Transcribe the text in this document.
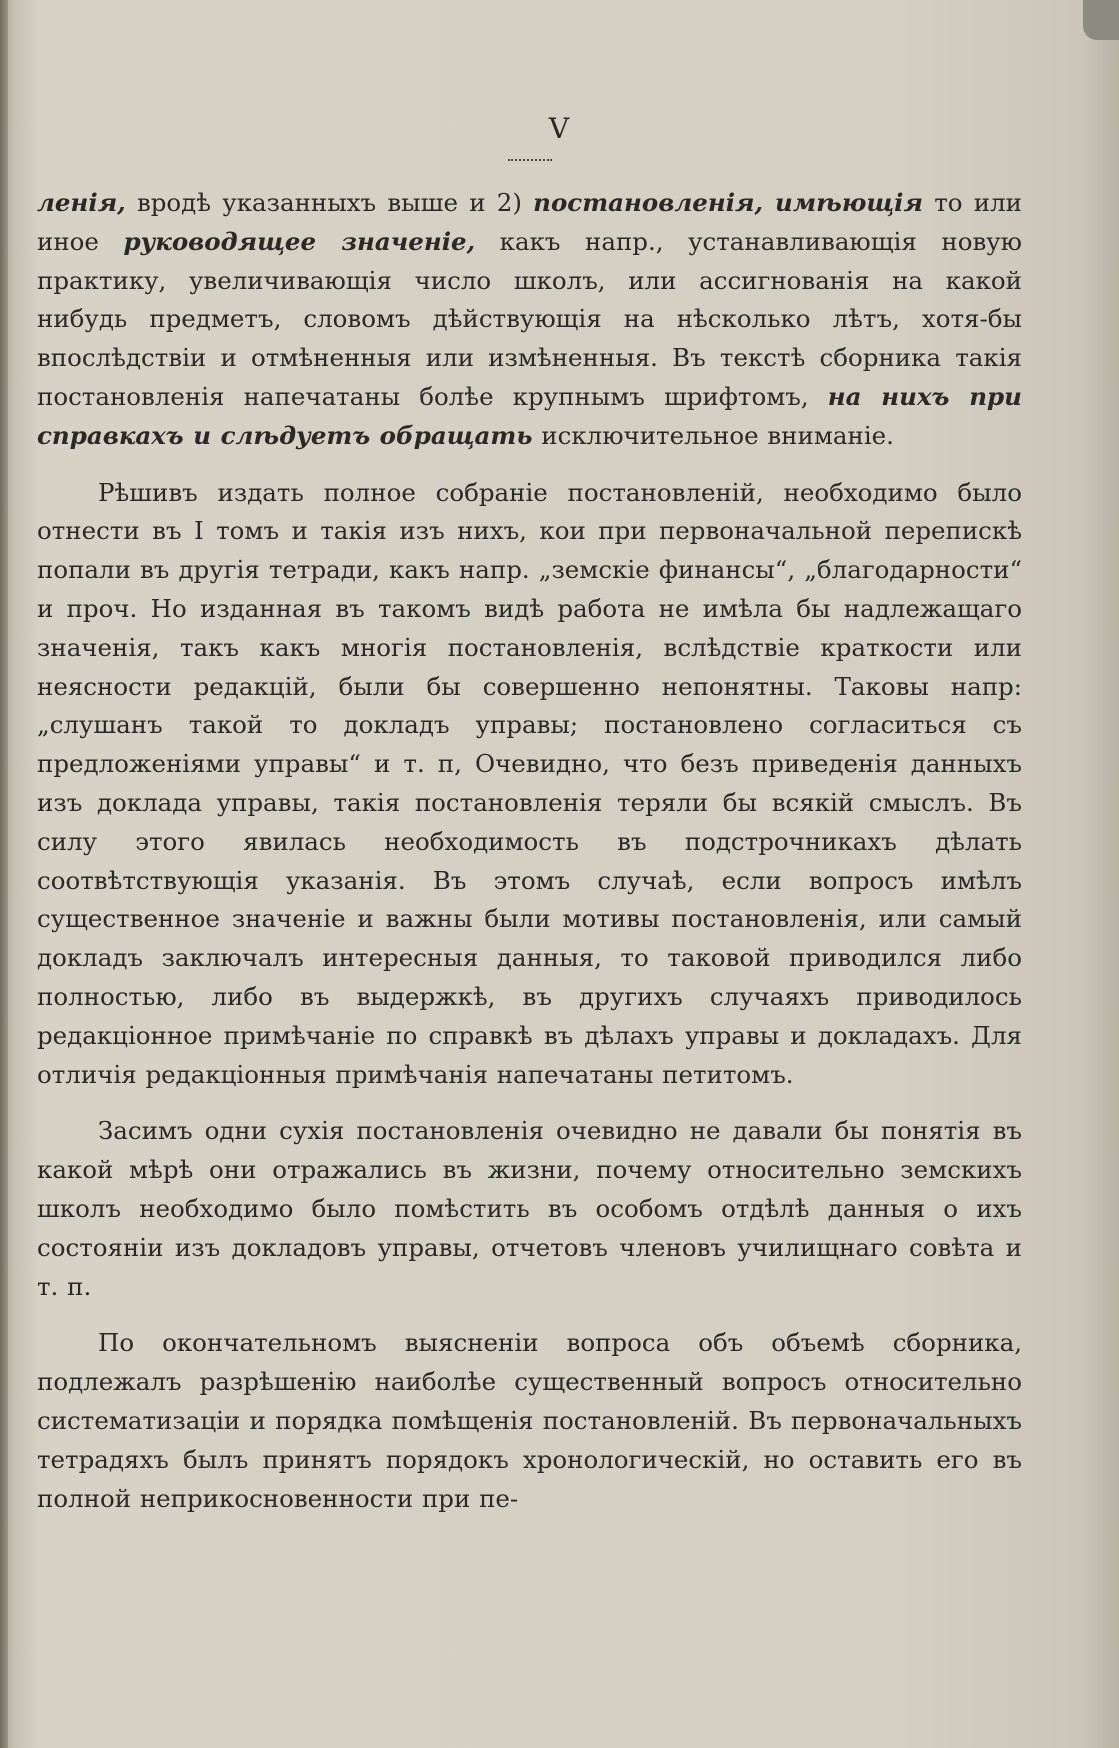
V

ленія, вродѣ указанныхъ выше и 2) постановленія, имѣющія то или иное руководящее значеніе, какъ напр., устанавливающія новую практику, увеличивающія число школъ, или ассигнованія на какой нибудь предметъ, словомъ дѣйствующія на нѣсколько лѣтъ, хотя-бы впослѣдствіи и отмѣненныя или измѣненныя. Въ текстѣ сборника такія постановленія напечатаны болѣе крупнымъ шрифтомъ, на нихъ при справкахъ и слѣдуетъ обращать исключительное вниманіе.

Рѣшивъ издать полное собраніе постановленій, необходимо было отнести въ I томъ и такія изъ нихъ, кои при первоначальной перепискѣ попали въ другія тетради, какъ напр. „земскіе финансы“, „благодарности“ и проч. Но изданная въ такомъ видѣ работа не имѣла бы надлежащаго значенія, такъ какъ многія постановленія, вслѣдствіе краткости или неясности редакцій, были бы совершенно непонятны. Таковы напр: „слушанъ такой то докладъ управы; постановлено согласиться съ предложеніями управы“ и т. п, Очевидно, что безъ приведенія данныхъ изъ доклада управы, такія постановленія теряли бы всякій смыслъ. Въ силу этого явилась необходимость въ подстрочникахъ дѣлать соотвѣтствующія указанія. Въ этомъ случаѣ, если вопросъ имѣлъ существенное значеніе и важны были мотивы постановленія, или самый докладъ заключалъ интересныя данныя, то таковой приводился либо полностью, либо въ выдержкѣ, въ другихъ случаяхъ приводилось редакціонное примѣчаніе по справкѣ въ дѣлахъ управы и докладахъ. Для отличія редакціонныя примѣчанія напечатаны петитомъ.

Засимъ одни сухія постановленія очевидно не давали бы понятія въ какой мѣрѣ они отражались въ жизни, почему относительно земскихъ школъ необходимо было помѣстить въ особомъ отдѣлѣ данныя о ихъ состояніи изъ докладовъ управы, отчетовъ членовъ училищнаго совѣта и т. п.

По окончательномъ выясненіи вопроса объ объемѣ сборника, подлежалъ разрѣшенію наиболѣе существенный вопросъ относительно систематизаціи и порядка помѣщенія постановленій. Въ первоначальныхъ тетрадяхъ былъ принятъ порядокъ хронологическій, но оставить его въ полной неприкосновенности при пе-
